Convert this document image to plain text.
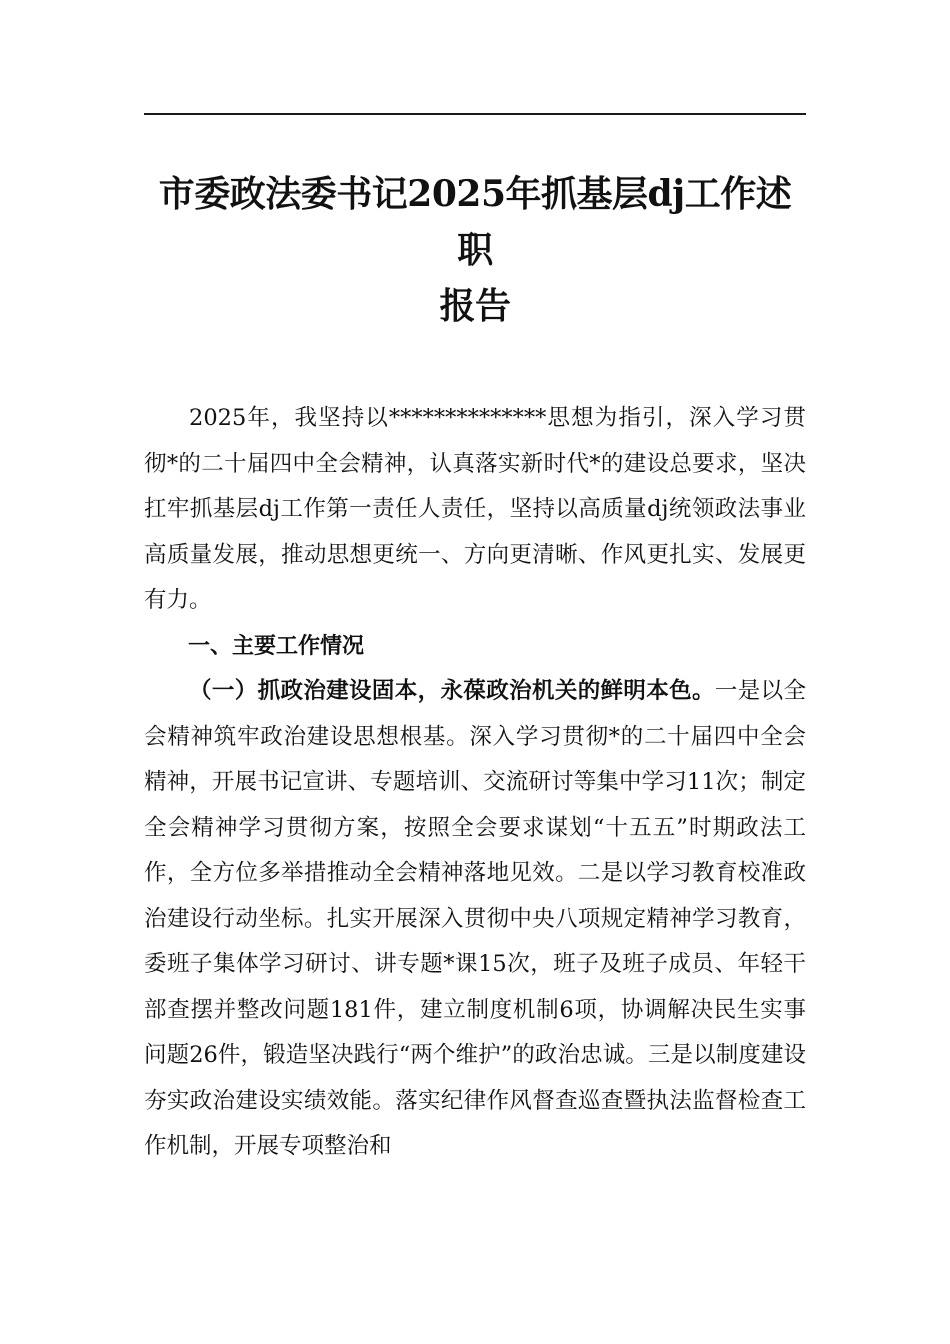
市委政法委书记2025年抓基层dj工作述职
报告

2025年，我坚持以**************思想为指引，深入学习贯彻*的二十届四中全会精神，认真落实新时代*的建设总要求，坚决扛牢抓基层dj工作第一责任人责任，坚持以高质量dj统领政法事业高质量发展，推动思想更统一、方向更清晰、作风更扎实、发展更有力。

一、主要工作情况

（一）抓政治建设固本，永葆政治机关的鲜明本色。一是以全会精神筑牢政治建设思想根基。深入学习贯彻*的二十届四中全会精神，开展书记宣讲、专题培训、交流研讨等集中学习11次；制定全会精神学习贯彻方案，按照全会要求谋划“十五五”时期政法工作，全方位多举措推动全会精神落地见效。二是以学习教育校准政治建设行动坐标。扎实开展深入贯彻中央八项规定精神学习教育，委班子集体学习研讨、讲专题*课15次，班子及班子成员、年轻干部查摆并整改问题181件，建立制度机制6项，协调解决民生实事问题26件，锻造坚决践行“两个维护”的政治忠诚。三是以制度建设夯实政治建设实绩效能。落实纪律作风督查巡查暨执法监督检查工作机制，开展专项整治和
